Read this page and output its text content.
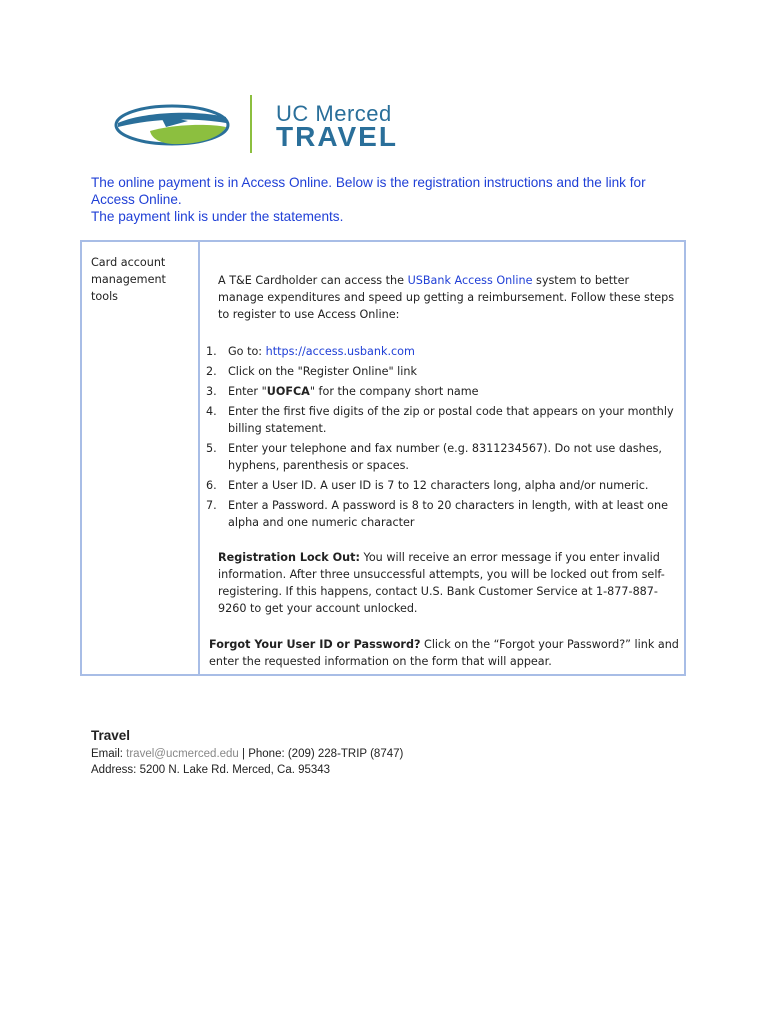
UC Merced
TRAVEL

The online payment is in Access Online. Below is the registration instructions and the link for Access Online.

The payment link is under the statements.

Card account management tools

A T&E Cardholder can access the USBank Access Online system to better manage expenditures and speed up getting a reimbursement. Follow these steps to register to use Access Online:

1. Go to: https://access.usbank.com
2. Click on the "Register Online" link
3. Enter "UOFCA" for the company short name
4. Enter the first five digits of the zip or postal code that appears on your monthly billing statement.
5. Enter your telephone and fax number (e.g. 8311234567). Do not use dashes, hyphens, parenthesis or spaces.
6. Enter a User ID. A user ID is 7 to 12 characters long, alpha and/or numeric.
7. Enter a Password. A password is 8 to 20 characters in length, with at least one alpha and one numeric character

Registration Lock Out: You will receive an error message if you enter invalid information. After three unsuccessful attempts, you will be locked out from self-registering. If this happens, contact U.S. Bank Customer Service at 1-877-887-9260 to get your account unlocked.

Forgot Your User ID or Password? Click on the “Forgot your Password?” link and enter the requested information on the form that will appear.

Travel

Email: travel@ucmerced.edu | Phone: (209) 228-TRIP (8747)

Address: 5200 N. Lake Rd. Merced, Ca. 95343
